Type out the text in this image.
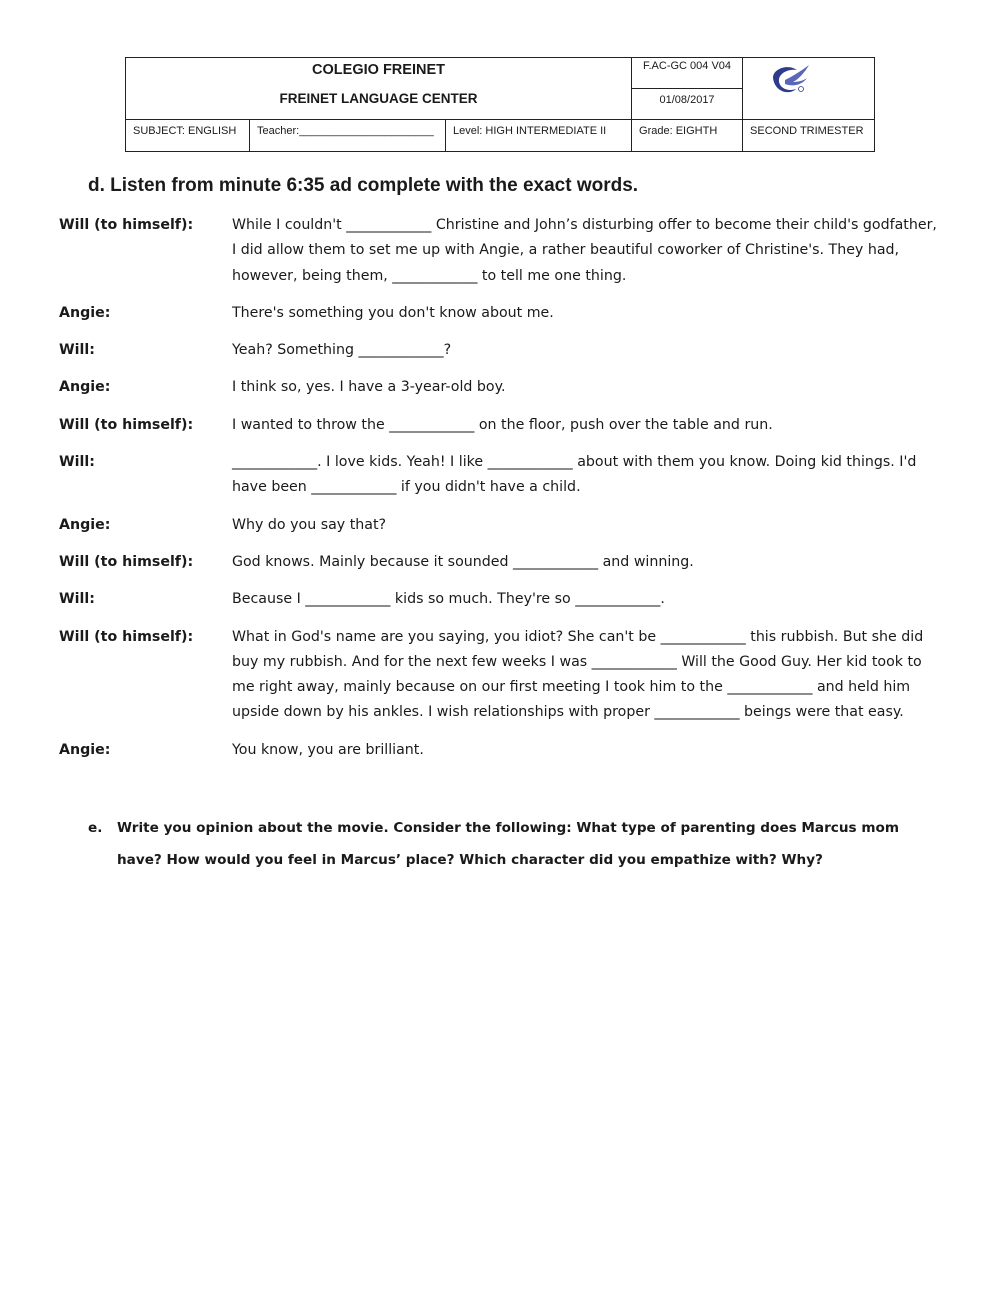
COLEGIO FREINET
FREINET LANGUAGE CENTER			F.AC-GC 004 V04
01/08/2017

SUBJECT: ENGLISH	Teacher:______________________	Level: HIGH INTERMEDIATE II	Grade: EIGHTH	SECOND TRIMESTER
d. Listen from minute 6:35 ad complete with the exact words.
Will (to himself):	While I couldn't ____________ Christine and John’s disturbing offer to become their child's godfather, I did allow them to set me up with Angie, a rather beautiful coworker of Christine's. They had, however, being them, ____________ to tell me one thing.
Angie:	There's something you don't know about me.
Will:	Yeah? Something ____________?
Angie:	I think so, yes. I have a 3-year-old boy.
Will (to himself):	I wanted to throw the ____________ on the floor, push over the table and run.
Will:	____________. I love kids. Yeah! I like ____________ about with them you know. Doing kid things. I'd have been ____________ if you didn't have a child.
Angie:	Why do you say that?
Will (to himself):	God knows. Mainly because it sounded ____________ and winning.
Will:	Because I ____________ kids so much. They're so ____________.
Will (to himself):	What in God's name are you saying, you idiot? She can't be ____________ this rubbish. But she did buy my rubbish. And for the next few weeks I was ____________ Will the Good Guy. Her kid took to me right away, mainly because on our first meeting I took him to the ____________ and held him upside down by his ankles. I wish relationships with proper ____________ beings were that easy.
Angie:	You know, you are brilliant.
e. Write you opinion about the movie. Consider the following: What type of parenting does Marcus mom have? How would you feel in Marcus’ place? Which character did you empathize with? Why?
